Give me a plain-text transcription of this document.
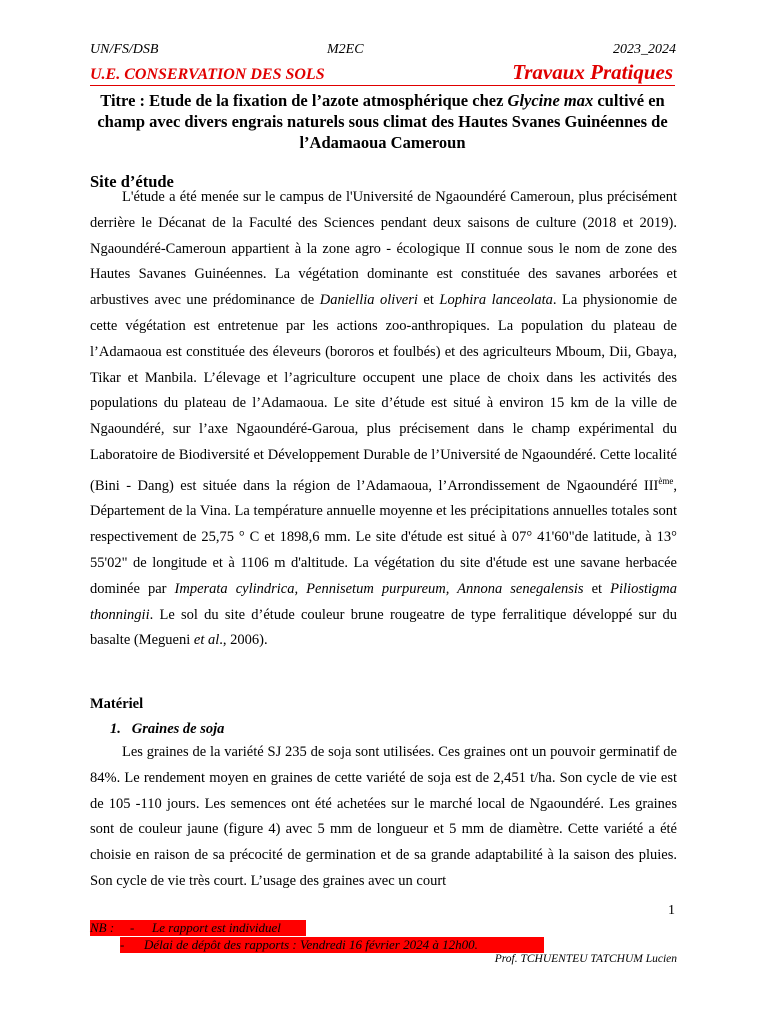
UN/FS/DSB	M2EC	2023_2024
U.E. CONSERVATION DES SOLS	Travaux Pratiques
Titre : Etude de la fixation de l’azote atmosphérique chez Glycine max cultivé en champ avec divers engrais naturels sous climat des Hautes Svanes Guinéennes de l’Adamaoua Cameroun
Site d’étude

L'étude a été menée sur le campus de l'Université de Ngaoundéré Cameroun, plus précisément derrière le Décanat de la Faculté des Sciences pendant deux saisons de culture (2018 et 2019). Ngaoundéré-Cameroun appartient à la zone agro - écologique II connue sous le nom de zone des Hautes Savanes Guinéennes. La végétation dominante est constituée des savanes arborées et arbustives avec une prédominance de Daniellia oliveri et Lophira lanceolata. La physionomie de cette végétation est entretenue par les actions zoo-anthropiques. La population du plateau de l’Adamaoua est constituée des éleveurs (bororos et foulbés) et des agriculteurs Mboum, Dii, Gbaya, Tikar et Manbila. L’élevage et l’agriculture occupent une place de choix dans les activités des populations du plateau de l’Adamaoua. Le site d’étude est situé à environ 15 km de la ville de Ngaoundéré, sur l’axe Ngaoundéré-Garoua, plus précisement dans le champ expérimental du Laboratoire de Biodiversité et Développement Durable de l’Université de Ngaoundéré. Cette localité (Bini - Dang) est située dans la région de l’Adamaoua, l’Arrondissement de Ngaoundéré IIIème, Département de la Vina. La température annuelle moyenne et les précipitations annuelles totales sont respectivement de 25,75 ° C et 1898,6 mm. Le site d'étude est situé à 07° 41'60"de latitude, à 13° 55'02" de longitude et à 1106 m d'altitude. La végétation du site d'étude est une savane herbacée dominée par Imperata cylindrica, Pennisetum purpureum, Annona senegalensis et Piliostigma thonningii. Le sol du site d’étude couleur brune rougeatre de type ferralitique développé sur du basalte (Megueni et al., 2006).

Matériel
1. Graines de soja

Les graines de la variété SJ 235 de soja sont utilisées. Ces graines ont un pouvoir germinatif de 84%. Le rendement moyen en graines de cette variété de soja est de 2,451 t/ha. Son cycle de vie est de 105 -110 jours. Les semences ont été achetées sur le marché local de Ngaoundéré. Les graines sont de couleur jaune (figure 4) avec 5 mm de longueur et 5 mm de diamètre. Cette variété a été choisie en raison de sa précocité de germination et de sa grande adaptabilité à la saison des pluies. Son cycle de vie très court. L’usage des graines avec un court

1
NB : - Le rapport est individuel
- Délai de dépôt des rapports : Vendredi 16 février 2024 à 12h00.
Prof. TCHUENTEU TATCHUM Lucien
